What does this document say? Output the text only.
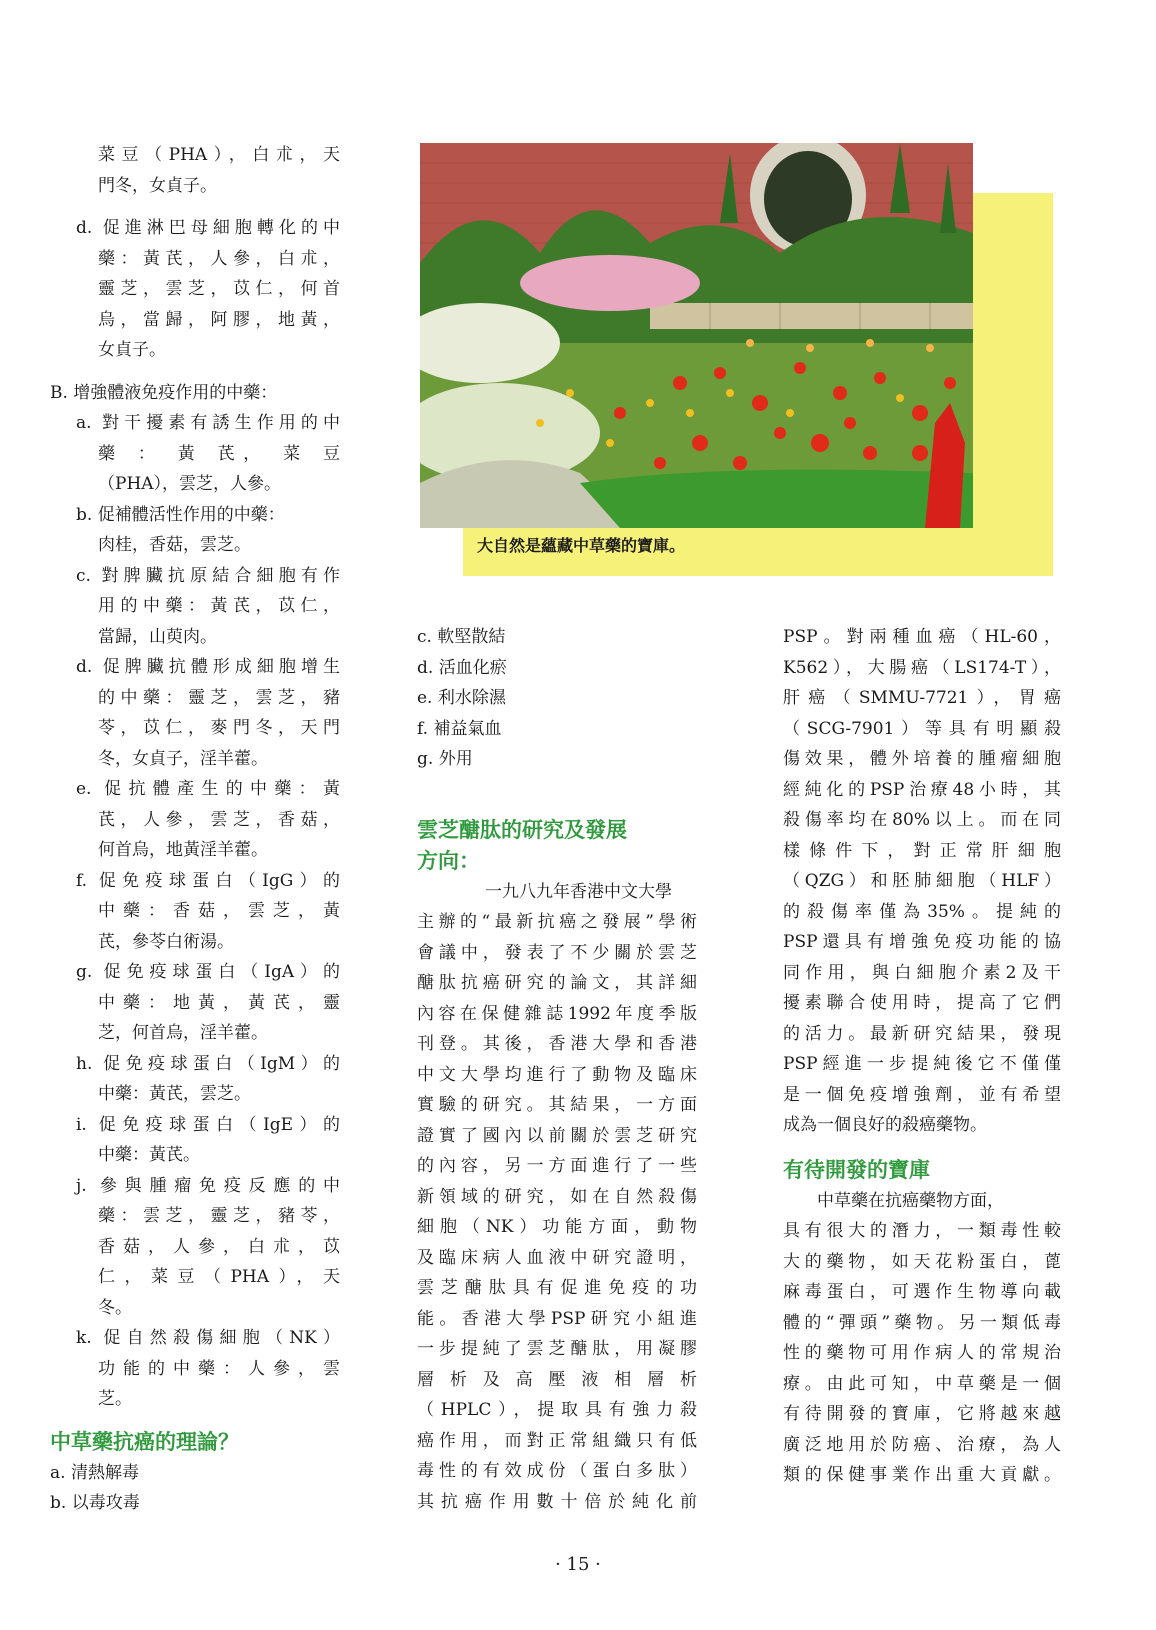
菜豆（PHA），白朮，天
門冬，女貞子。
d. 促進淋巴母細胞轉化的中
藥：黃芪，人參，白朮，
靈芝，雲芝，苡仁，何首
烏，當歸，阿膠，地黃，
女貞子。
B. 增強體液免疫作用的中藥：
a. 對干擾素有誘生作用的中
藥 ： 黃 芪， 菜 豆
（PHA），雲芝，人參。
b. 促補體活性作用的中藥：
肉桂，香菇，雲芝。
c. 對脾臟抗原結合細胞有作
用的中藥：黃芪，苡仁，
當歸，山萸肉。
d. 促脾臟抗體形成細胞增生
的中藥：靈芝，雲芝，豬
苓，苡仁，麥門冬，天門
冬，女貞子，淫羊藿。
e. 促抗體產生的中藥：黃
芪，人參，雲芝，香菇，
何首烏，地黃淫羊藿。
f. 促免疫球蛋白（IgG）的
中藥：香菇，雲芝，黃
芪，參苓白術湯。
g. 促免疫球蛋白（IgA）的
中藥：地黃，黃芪，靈
芝，何首烏，淫羊藿。
h. 促免疫球蛋白（IgM）的
中藥：黃芪，雲芝。
i. 促免疫球蛋白（IgE）的
中藥：黃芪。
j. 參與腫瘤免疫反應的中
藥：雲芝，靈芝，豬苓，
香菇，人參，白朮，苡
仁，菜豆（PHA），天
冬。
k. 促自然殺傷細胞（NK）
功能的中藥：人參，雲
芝。
中草藥抗癌的理論？
a. 清熱解毒
b. 以毒攻毒
大自然是蘊藏中草藥的寶庫。
c. 軟堅散結
d. 活血化瘀
e. 利水除濕
f. 補益氣血
g. 外用
雲芝醣肽的研究及發展
方向：
一九八九年香港中文大學
主辦的“最新抗癌之發展”學術
會議中，發表了不少關於雲芝
醣肽抗癌研究的論文，其詳細
內容在保健雜誌1992年度季版
刊登。其後，香港大學和香港
中文大學均進行了動物及臨床
實驗的研究。其結果，一方面
證實了國內以前關於雲芝研究
的內容，另一方面進行了一些
新領域的研究，如在自然殺傷
細胞（NK）功能方面，動物
及臨床病人血液中研究證明，
雲芝醣肽具有促進免疫的功
能。香港大學PSP研究小組進
一步提純了雲芝醣肽，用凝膠
層析及高壓液相層析
（HPLC），提取具有強力殺
癌作用，而對正常組織只有低
毒性的有效成份（蛋白多肽）
其抗癌作用數十倍於純化前
PSP。對兩種血癌（HL-60，
K562），大腸癌（LS174-T），
肝癌（SMMU-7721），胃癌
（SCG-7901）等具有明顯殺
傷效果，體外培養的腫瘤細胞
經純化的PSP治療48小時，其
殺傷率均在80%以上。而在同
樣條件下，對正常肝細胞
（QZG）和胚肺細胞（HLF）
的殺傷率僅為35%。提純的
PSP還具有增強免疫功能的協
同作用，與白細胞介素2及干
擾素聯合使用時，提高了它們
的活力。最新研究結果，發現
PSP經進一步提純後它不僅僅
是一個免疫增強劑，並有希望
成為一個良好的殺癌藥物。
有待開發的寶庫
中草藥在抗癌藥物方面，
具有很大的潛力，一類毒性較
大的藥物，如天花粉蛋白，蓖
麻毒蛋白，可選作生物導向載
體的“彈頭”藥物。另一類低毒
性的藥物可用作病人的常規治
療。由此可知，中草藥是一個
有待開發的寶庫，它將越來越
廣泛地用於防癌、治療，為人
類的保健事業作出重大貢獻。
· 15 ·
